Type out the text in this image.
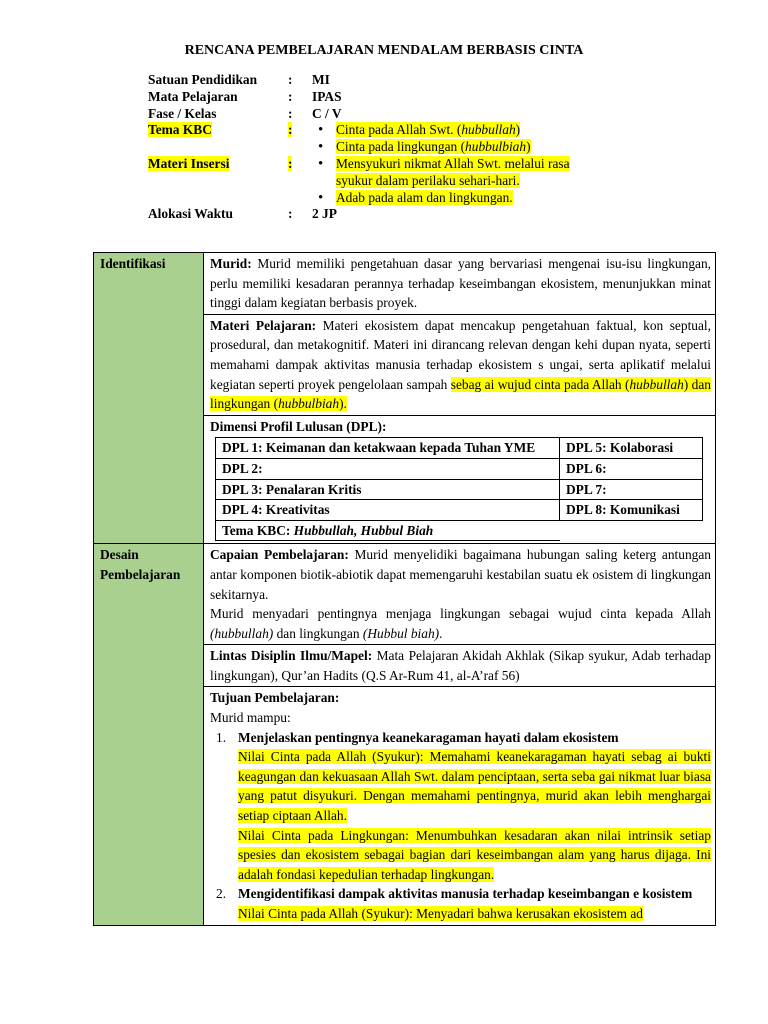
RENCANA PEMBELAJARAN MENDALAM BERBASIS CINTA
Satuan Pendidikan	:	MI
Mata Pelajaran	:	IPAS
Fase / Kelas	:	C / V
Tema KBC	:	• Cinta pada Allah Swt. (hubbullah)
• Cinta pada lingkungan (hubbulbiah)
Materi Insersi	:	• Mensyukuri nikmat Allah Swt. melalui rasa
syukur dalam perilaku sehari-hari.
• Adab pada alam dan lingkungan.
Alokasi Waktu	:	2 JP
Identifikasi	Murid: Murid memiliki pengetahuan dasar yang bervariasi mengenai isu-isu lingkungan, perlu memiliki kesadaran perannya terhadap keseimbangan ekosistem, menunjukkan minat tinggi dalam kegiatan berbasis proyek.
Materi Pelajaran: Materi ekosistem dapat mencakup pengetahuan faktual, kon septual, prosedural, dan metakognitif. Materi ini dirancang relevan dengan kehi dupan nyata, seperti memahami dampak aktivitas manusia terhadap ekosistem s ungai, serta aplikatif melalui kegiatan seperti proyek pengelolaan sampah sebag ai wujud cinta pada Allah (hubbullah) dan lingkungan (hubbulbiah).

Dimensi Profil Lulusan (DPL):
DPL 1: Keimanan dan ketakwaan kepada Tuhan YME	DPL 5: Kolaborasi
DPL 2:	DPL 6:
DPL 3: Penalaran Kritis	DPL 7:
DPL 4: Kreativitas	DPL 8: Komunikasi
Tema KBC: Hubbullah, Hubbul Biah	

Desain Pembelajaran	Capaian Pembelajaran: Murid menyelidiki bagaimana hubungan saling keterg antungan antar komponen biotik-abiotik dapat memengaruhi kestabilan suatu ek osistem di lingkungan sekitarnya.
Murid menyadari pentingnya menjaga lingkungan sebagai wujud cinta kepada Allah (hubbullah) dan lingkungan (Hubbul biah).
Lintas Disiplin Ilmu/Mapel: Mata Pelajaran Akidah Akhlak (Sikap syukur, Adab terhadap lingkungan), Qur’an Hadits (Q.S Ar-Rum 41, al-A’raf 56)

Tujuan Pembelajaran:
Murid mampu:
1. Menjelaskan pentingnya keanekaragaman hayati dalam ekosistem
Nilai Cinta pada Allah (Syukur): Memahami keanekaragaman hayati sebag ai bukti keagungan dan kekuasaan Allah Swt. dalam penciptaan, serta seba gai nikmat luar biasa yang patut disyukuri. Dengan memahami pentingnya, murid akan lebih menghargai setiap ciptaan Allah.
Nilai Cinta pada Lingkungan: Menumbuhkan kesadaran akan nilai intrinsik setiap spesies dan ekosistem sebagai bagian dari keseimbangan alam yang harus dijaga. Ini adalah fondasi kepedulian terhadap lingkungan.
2. Mengidentifikasi dampak aktivitas manusia terhadap keseimbangan e kosistem
Nilai Cinta pada Allah (Syukur): Menyadari bahwa kerusakan ekosistem ad
